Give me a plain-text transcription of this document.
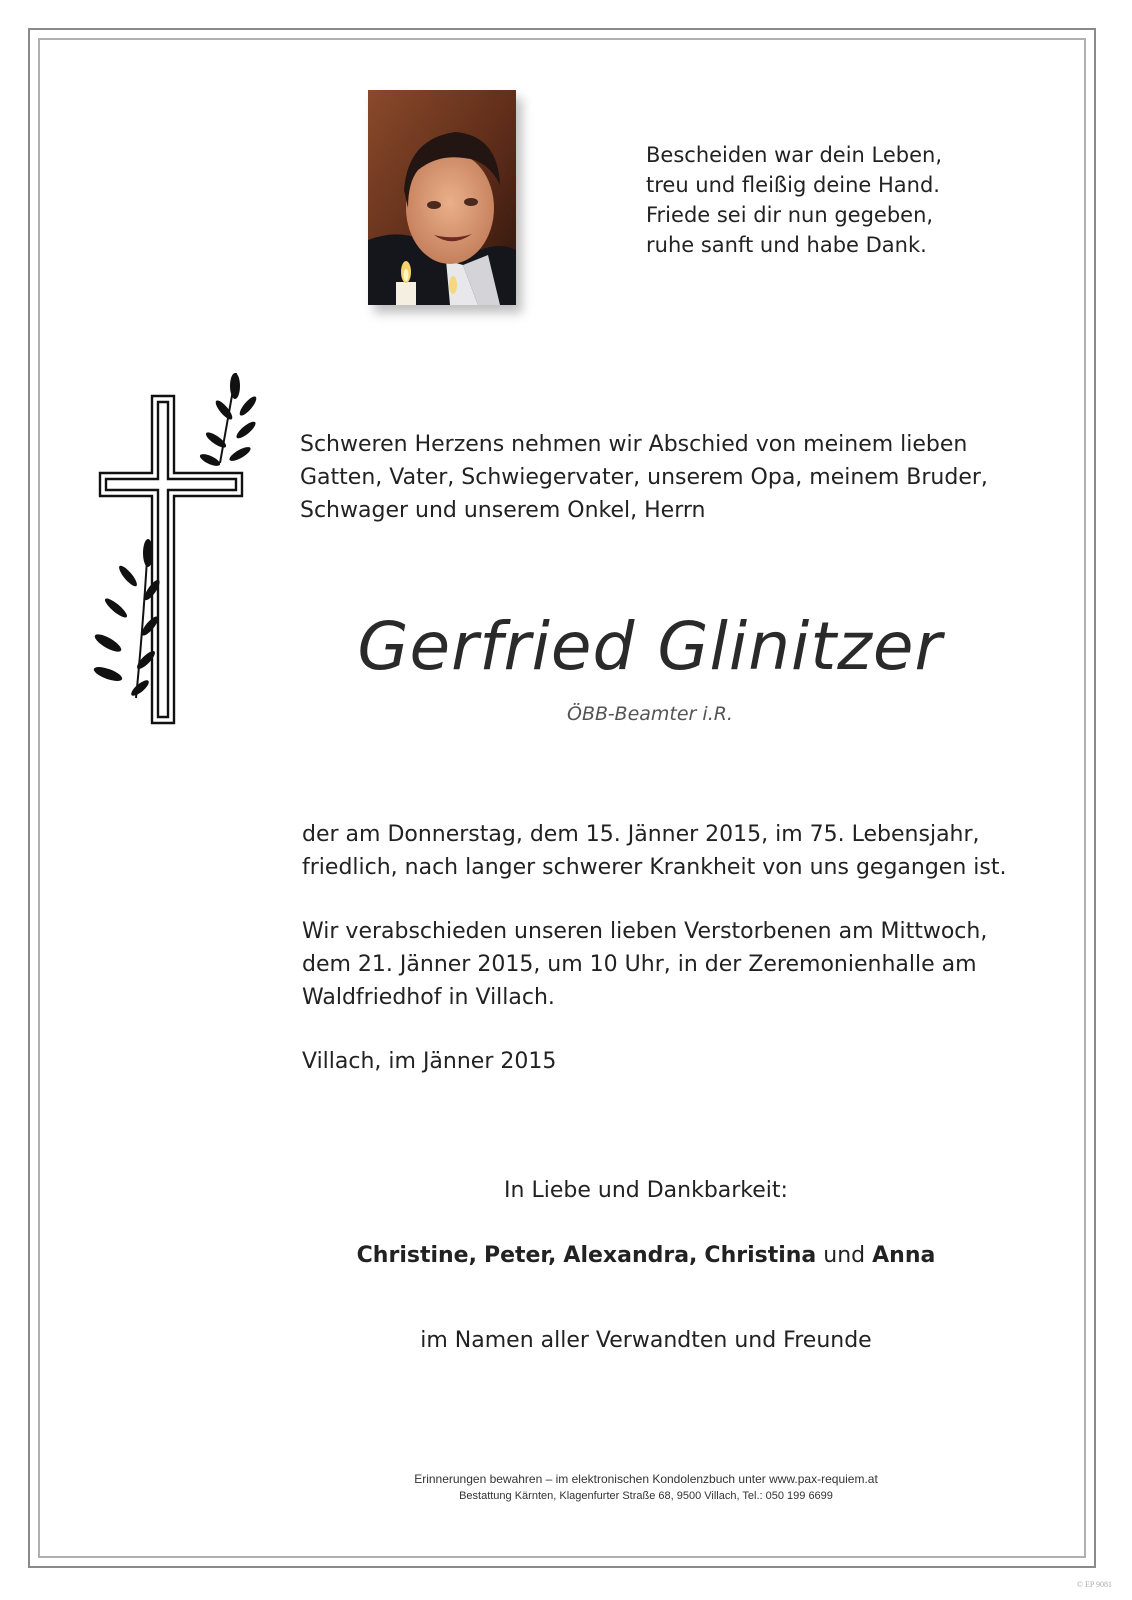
Bescheiden war dein Leben,
treu und fleißig deine Hand.
Friede sei dir nun gegeben,
ruhe sanft und habe Dank.
Schweren Herzens nehmen wir Abschied von meinem lieben
Gatten, Vater, Schwiegervater, unserem Opa, meinem Bruder,
Schwager und unserem Onkel, Herrn
Gerfried Glinitzer
ÖBB-Beamter i.R.
der am Donnerstag, dem 15. Jänner 2015, im 75. Lebensjahr,
friedlich, nach langer schwerer Krankheit von uns gegangen ist.
Wir verabschieden unseren lieben Verstorbenen am Mittwoch,
dem 21. Jänner 2015, um 10 Uhr, in der Zeremonienhalle am
Waldfriedhof in Villach.
Villach, im Jänner 2015
In Liebe und Dankbarkeit:
Christine, Peter, Alexandra, Christina und Anna
im Namen aller Verwandten und Freunde
Erinnerungen bewahren – im elektronischen Kondolenzbuch unter www.pax-requiem.at
Bestattung Kärnten, Klagenfurter Straße 68, 9500 Villach, Tel.: 050 199 6699
© EP 9081
